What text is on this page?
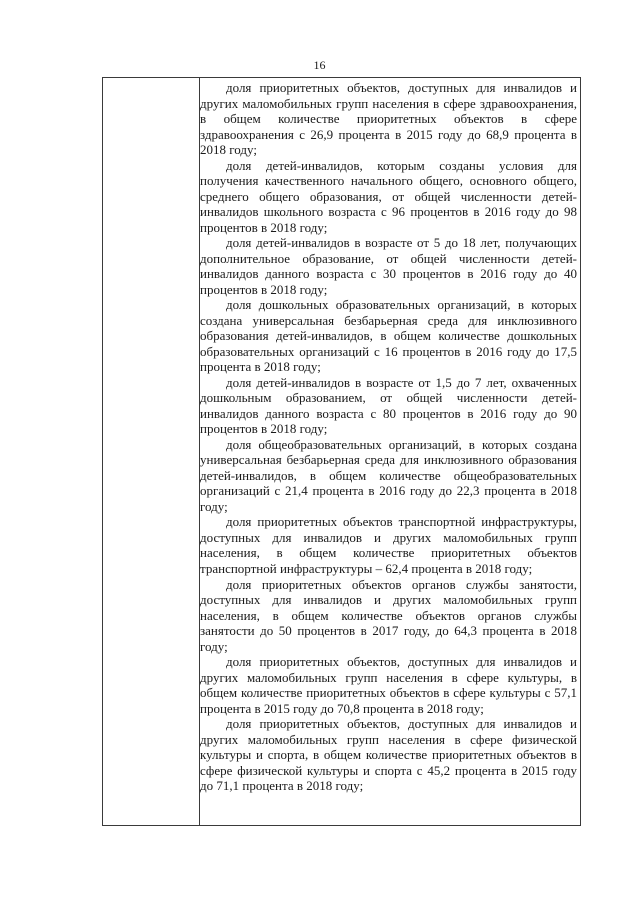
16

доля приоритетных объектов, доступных для инвалидов и других маломобильных групп населения в сфере здравоохранения, в общем количестве приоритетных объектов в сфере здравоохранения с 26,9 процента в 2015 году до 68,9 процента в 2018 году;

доля детей-инвалидов, которым созданы условия для получения качественного начального общего, основного общего, среднего общего образования, от общей численности детей-инвалидов школьного возраста с 96 процентов в 2016 году до 98 процентов в 2018 году;

доля детей-инвалидов в возрасте от 5 до 18 лет, получающих дополнительное образование, от общей численности детей-инвалидов данного возраста с 30 процентов в 2016 году до 40 процентов в 2018 году;

доля дошкольных образовательных организаций, в которых создана универсальная безбарьерная среда для инклюзивного образования детей-инвалидов, в общем количестве дошкольных образовательных организаций с 16 процентов в 2016 году до 17,5 процента в 2018 году;

доля детей-инвалидов в возрасте от 1,5 до 7 лет, охваченных дошкольным образованием, от общей численности детей-инвалидов данного возраста с 80 процентов в 2016 году до 90 процентов в 2018 году;

доля общеобразовательных организаций, в которых создана универсальная безбарьерная среда для инклюзивного образования детей-инвалидов, в общем количестве общеобразовательных организаций с 21,4 процента в 2016 году до 22,3 процента в 2018 году;

доля приоритетных объектов транспортной инфраструктуры, доступных для инвалидов и других маломобильных групп населения, в общем количестве приоритетных объектов транспортной инфраструктуры – 62,4 процента в 2018 году;

доля приоритетных объектов органов службы занятости, доступных для инвалидов и других маломобильных групп населения, в общем количестве объектов органов службы занятости до 50 процентов в 2017 году, до 64,3 процента в 2018 году;

доля приоритетных объектов, доступных для инвалидов и других маломобильных групп населения в сфере культуры, в общем количестве приоритетных объектов в сфере культуры с 57,1 процента в 2015 году до 70,8 процента в 2018 году;

доля приоритетных объектов, доступных для инвалидов и других маломобильных групп населения в сфере физической культуры и спорта, в общем количестве приоритетных объектов в сфере физической культуры и спорта с 45,2 процента в 2015 году до 71,1 процента в 2018 году;
